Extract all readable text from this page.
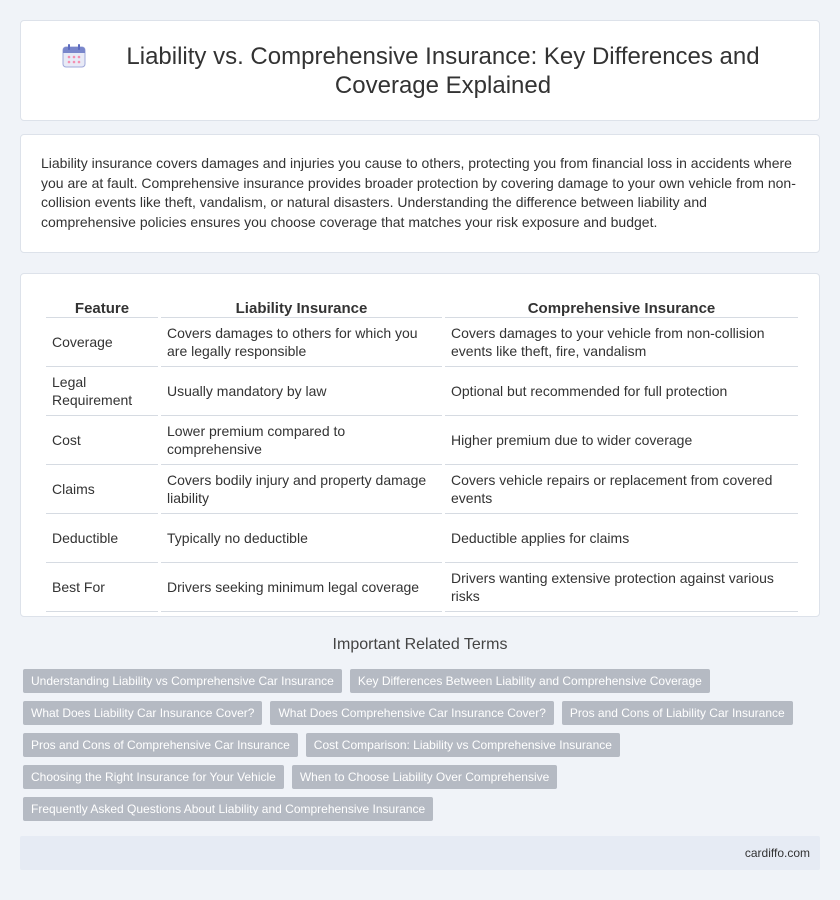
Liability vs. Comprehensive Insurance: Key Differences and Coverage Explained

Liability insurance covers damages and injuries you cause to others, protecting you from financial loss in accidents where you are at fault. Comprehensive insurance provides broader protection by covering damage to your own vehicle from non-collision events like theft, vandalism, or natural disasters. Understanding the difference between liability and comprehensive policies ensures you choose coverage that matches your risk exposure and budget.

Feature	Liability Insurance	Comprehensive Insurance
Coverage	Covers damages to others for which you are legally responsible	Covers damages to your vehicle from non-collision events like theft, fire, vandalism
Legal Requirement	Usually mandatory by law	Optional but recommended for full protection
Cost	Lower premium compared to comprehensive	Higher premium due to wider coverage
Claims	Covers bodily injury and property damage liability	Covers vehicle repairs or replacement from covered events
Deductible	Typically no deductible	Deductible applies for claims
Best For	Drivers seeking minimum legal coverage	Drivers wanting extensive protection against various risks
Important Related Terms
Understanding Liability vs Comprehensive Car Insurance	Key Differences Between Liability and Comprehensive Coverage
What Does Liability Car Insurance Cover?	What Does Comprehensive Car Insurance Cover?	Pros and Cons of Liability Car Insurance
Pros and Cons of Comprehensive Car Insurance	Cost Comparison: Liability vs Comprehensive Insurance
Choosing the Right Insurance for Your Vehicle	When to Choose Liability Over Comprehensive
Frequently Asked Questions About Liability and Comprehensive Insurance
cardiffo.com
